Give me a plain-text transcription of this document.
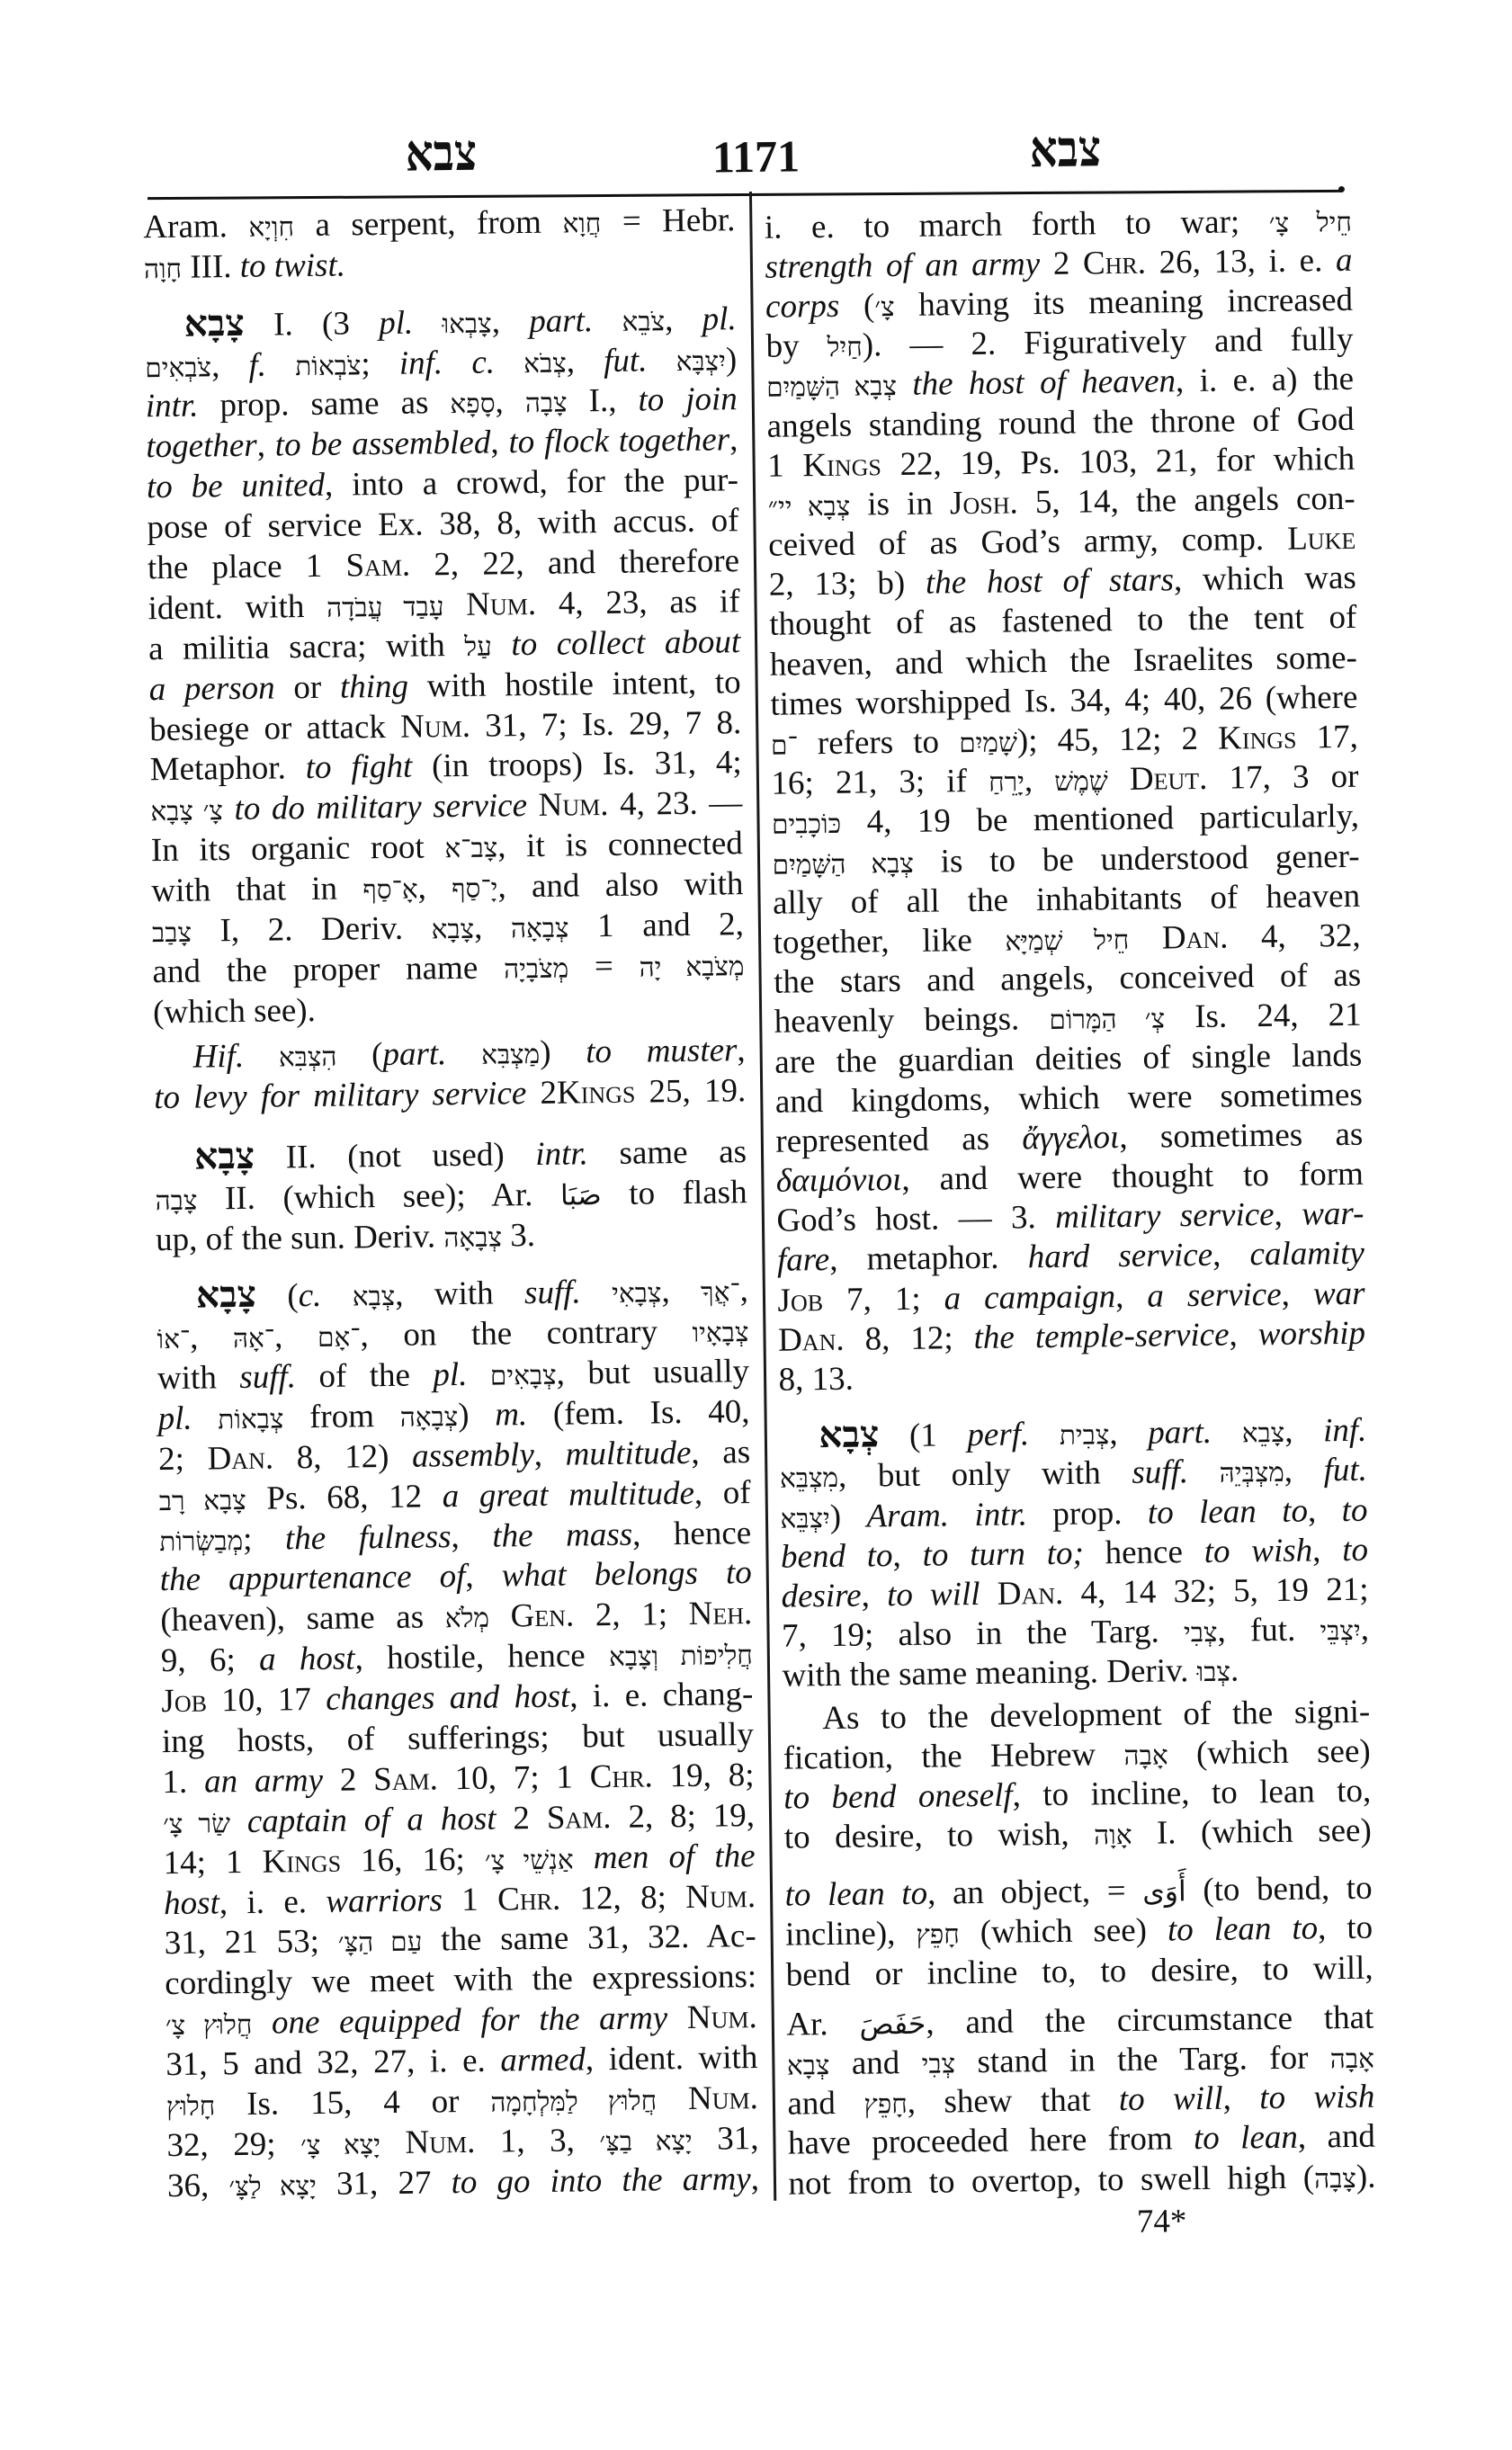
צבא	1171	צבא
Aram. חִוְיָא a serpent, from חֲוָא = Hebr.
חָוָה III. to twist.
צָבָא I. (3 pl. צָבְאוּ, part. צֹבֵא, pl.
צֹבְאִים, f. צֹבְאוֹת; inf. c. צְבֹא, fut. יִצְבָּא)
intr. prop. same as סָפָא, צָבָה I., to join
together, to be assembled, to flock together,
to be united, into a crowd, for the pur-
pose of service Ex. 38, 8, with accus. of
the place 1 Sam. 2, 22, and therefore
ident. with עָבַד עֲבֹדָה Num. 4, 23, as if
a militia sacra; with עַל to collect about
a person or thing with hostile intent, to
besiege or attack Num. 31, 7; Is. 29, 7 8.
Metaphor. to fight (in troops) Is. 31, 4;
צָ׳ צָבָא to do military service Num. 4, 23. —
In its organic root צָב־א, it is connected
with that in אָ־סַף, יָ־סַף, and also with
צָבַב I, 2. Deriv. צָבָא, צְבָאָה 1 and 2,
and the proper name מְצֹבָיָה = מְצֹבָא יָה
(which see).
Hif. הִצְבִּא (part. מַצְבִּא) to muster,
to levy for military service 2Kings 25, 19.
צָבָא II. (not used) intr. same as
צָבָה II. (which see); Ar. صَبَا to flash
up, of the sun. Deriv. צְבָאָה 3.
צָבָא (c. צְבָא, with suff. צְבָאִי, ־אֲךָ,
־אוֹ, ־אָהּ, ־אָם, on the contrary צְבָאָיו
with suff. of the pl. צְבָאִים, but usually
pl. צְבָאוֹת from צְבָאָה) m. (fem. Is. 40,
2; Dan. 8, 12) assembly, multitude, as
צָבָא רָב Ps. 68, 12 a great multitude, of
מְבַשְּׂרוֹת; the fulness, the mass, hence
the appurtenance of, what belongs to
(heaven), same as מְלֹא Gen. 2, 1; Neh.
9, 6; a host, hostile, hence חֲלִיפוֹת וְצָבָא
Job 10, 17 changes and host, i. e. chang-
ing hosts, of sufferings; but usually
1. an army 2 Sam. 10, 7; 1 Chr. 19, 8;
שַׂר צָ׳ captain of a host 2 Sam. 2, 8; 19,
14; 1 Kings 16, 16; אַנְשֵׁי צָ׳ men of the
host, i. e. warriors 1 Chr. 12, 8; Num.
31, 21 53; עַם הַצָּ׳ the same 31, 32. Ac-
cordingly we meet with the expressions:
חֲלוּץ צָ׳ one equipped for the army Num.
31, 5 and 32, 27, i. e. armed, ident. with
חָלוּץ Is. 15, 4 or חֲלוּץ לַמִּלְחָמָה Num.
32, 29; יָצָא צָ׳ Num. 1, 3, יָצָא בַצָּ׳ 31,
36, יָצָא לַצָּ׳ 31, 27 to go into the army,
i. e. to march forth to war; חֵיל צָ׳
strength of an army 2 Chr. 26, 13, i. e. a
corps (צָ׳ having its meaning increased
by חַיִל). — 2. Figuratively and fully
צְבָא הַשָּׁמַיִם the host of heaven, i. e. a) the
angels standing round the throne of God
1 Kings 22, 19, Ps. 103, 21, for which
צְבָא יי״ is in Josh. 5, 14, the angels con-
ceived of as God’s army, comp. Luke
2, 13; b) the host of stars, which was
thought of as fastened to the tent of
heaven, and which the Israelites some-
times worshipped Is. 34, 4; 40, 26 (where
־ם refers to שָׁמַיִם); 45, 12; 2 Kings 17,
16; 21, 3; if יָרֵחַ, שֶׁמֶשׁ Deut. 17, 3 or
כּוֹכָבִים 4, 19 be mentioned particularly,
צְבָא הַשָּׁמַיִם is to be understood gener-
ally of all the inhabitants of heaven
together, like חֵיל שְׁמַיָּא Dan. 4, 32,
the stars and angels, conceived of as
heavenly beings. צְ׳ הַמָּרוֹם Is. 24, 21
are the guardian deities of single lands
and kingdoms, which were sometimes
represented as ἄγγελοι, sometimes as
δαιμόνιοι, and were thought to form
God’s host. — 3. military service, war-
fare, metaphor. hard service, calamity
Job 7, 1; a campaign, a service, war
Dan. 8, 12; the temple-service, worship
8, 13.
צְבָא (1 perf. צְבִית, part. צָבֵא, inf.
מִצְבֵּא, but only with suff. מִצְבְּיֵהּ, fut.
יִצְבֵּא) Aram. intr. prop. to lean to, to
bend to, to turn to; hence to wish, to
desire, to will Dan. 4, 14 32; 5, 19 21;
7, 19; also in the Targ. צְבִי, fut. יִצְבֵּי,
with the same meaning. Deriv. צְבוּ.
As to the development of the signi-
fication, the Hebrew אָבָה (which see)
to bend oneself, to incline, to lean to,
to desire, to wish, אָוָה I. (which see)
to lean to, an object, = أَوَى (to bend, to
incline), חָפֵץ (which see) to lean to, to
bend or incline to, to desire, to will,
Ar. حَفَصَ, and the circumstance that
צְבָא and צְבִי stand in the Targ. for אָבָה
and חָפֵץ, shew that to will, to wish
have proceeded here from to lean, and
not from to overtop, to swell high (צָבָה).
74*
